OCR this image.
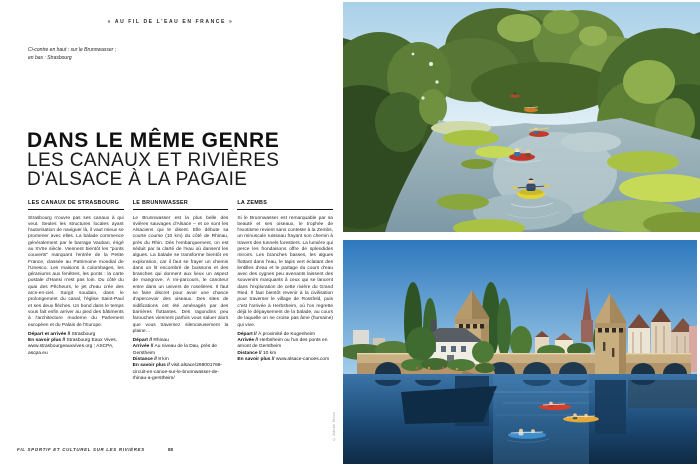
« AU FIL DE L'EAU EN FRANCE »
Ci-contre en haut : sur le Brunnwasser ;
en bas : Strasbourg
DANS LE MÊME GENRE
LES CANAUX ET RIVIÈRES
D'ALSACE À LA PAGAIE
LES CANAUX DE STRASBOURG
Strasbourg n'ouvre pas ses canaux à qui veut. Seules les structures locales ayant l'autorisation de naviguer là, il vaut mieux se promener avec elles. La balade commence généralement par le barrage Vauban, érigé au XVIIe siècle. Viennent bientôt les “ponts couverts” marquant l'entrée de la Petite France, classée au Patrimoine mondial de l'Unesco. Les maisons à colombages, les géraniums aux fenêtres, les ponts : la carte postale d'Hansi n'est pas loin. Du côté du quai des Pêcheurs, le jet d'eau crée des arcs-en-ciel. Surgit soudain, dans le prolongement du canal, l'église Saint-Paul et ses deux flèches. Un bond dans le temps vous fait enfin arriver au pied des bâtiments à l'architecture moderne du Parlement européen et du Palais de l'Europe.
Départ et arrivée // Strasbourg
En savoir plus // Strasbourg Eaux Vives, www.strasbourgeauxvives.org ; ASCPA, ascpa.eu
LE BRUNNWASSER
Le Brunnwasser est la plus belle des rivières sauvages d'Alsace – et ce sont les Alsaciens qui le disent. Elle débute sa courte course (10 km) du côté de Rhinau, près du Rhin. Dès l'embarquement, on est séduit par la clarté de l'eau où dansent les algues. La balade se transforme bientôt en exploration, car il faut se frayer un chemin dans un lit encombré de buissons et des branches qui donnent aux lieux un aspect de mangrove. À mi-parcours, le canoteur entre dans un univers de roselières. Il faut se faire discret pour avoir une chance d'apercevoir des oiseaux. Des sites de nidifications ont été aménagés par des barrières flottantes. Des ragondins peu farouches viennent parfois vous saluer alors que vous traversez silencieusement la plaine…
Départ // Rhinau
Arrivée // Au niveau de la Dau, près de Gerstheim
Distance // 8 km
En savoir plus // visit.alsace/269001768-circuit-en-canoe-sur-le-brunnwasser-de-rhinau-a-gerstheim/
LA ZEMBS
Si le Brunnwasser est remarquable par sa beauté et ses oiseaux, le trophée de l'exotisme revient sans conteste à la Zembs, un minuscule ruisseau frayant son chemin à travers des tunnels forestiers. La lumière qui perce les frondaisons offre de splendides miroirs. Les branches basses, les algues flottant dans l'eau, le tapis vert éclatant des lentilles d'eau et le partage du cours d'eau avec des cygnes peu avenants laissent des souvenirs marquants à ceux qui se lancent dans l'exploration de cette rivière du Grand Ried. Il faut bientôt revenir à la civilisation pour traverser le village de Rossfeld, puis c'est l'arrivée à Herbsheim, où l'on regrette déjà le dépaysement de la balade, au cours de laquelle on ne croise pas âme (humaine) qui vive.
Départ // À proximité de Kogenheim
Arrivée // Herbsheim ou l'un des ponts en amont de Gerstheim
Distance // 10 km
En savoir plus // www.alsace-canoes.com
FIL SPORTIF ET CULTUREL SUR LES RIVIÈRES	88
© Adobe Stock
